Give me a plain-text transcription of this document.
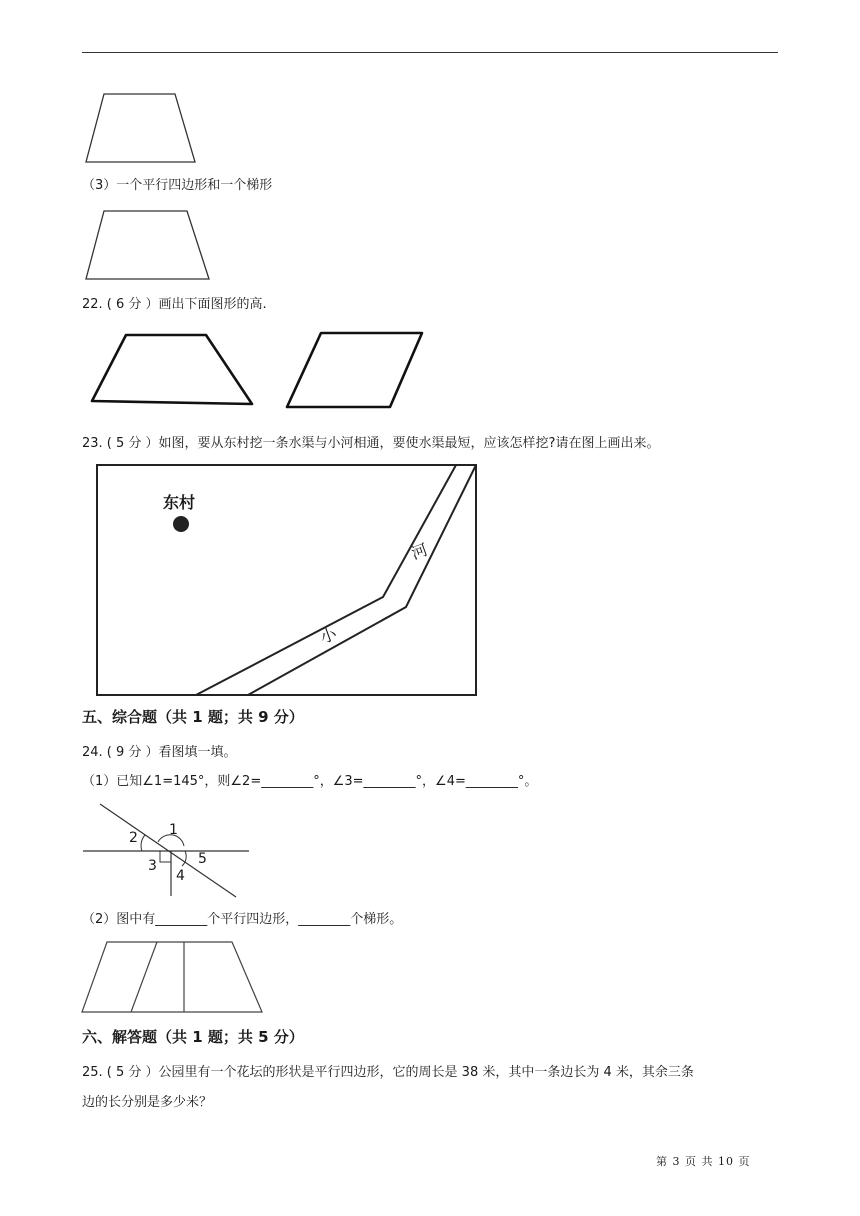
（3）一个平行四边形和一个梯形
22. ( 6 分 ）画出下面图形的高.
23. ( 5 分 ）如图，要从东村挖一条水渠与小河相通，要使水渠最短，应该怎样挖?请在图上画出来。
东村
河
小
五、综合题（共 1 题；共 9 分）
24. ( 9 分 ）看图填一填。
（1）已知∠1=145°，则∠2=________°，∠3=________°，∠4=________°。
1
2
3
4
5
（2）图中有________个平行四边形，________个梯形。
六、解答题（共 1 题；共 5 分）
25. ( 5 分 ）公园里有一个花坛的形状是平行四边形，它的周长是 38 米，其中一条边长为 4 米，其余三条
边的长分别是多少米？
第 3 页 共 10 页
